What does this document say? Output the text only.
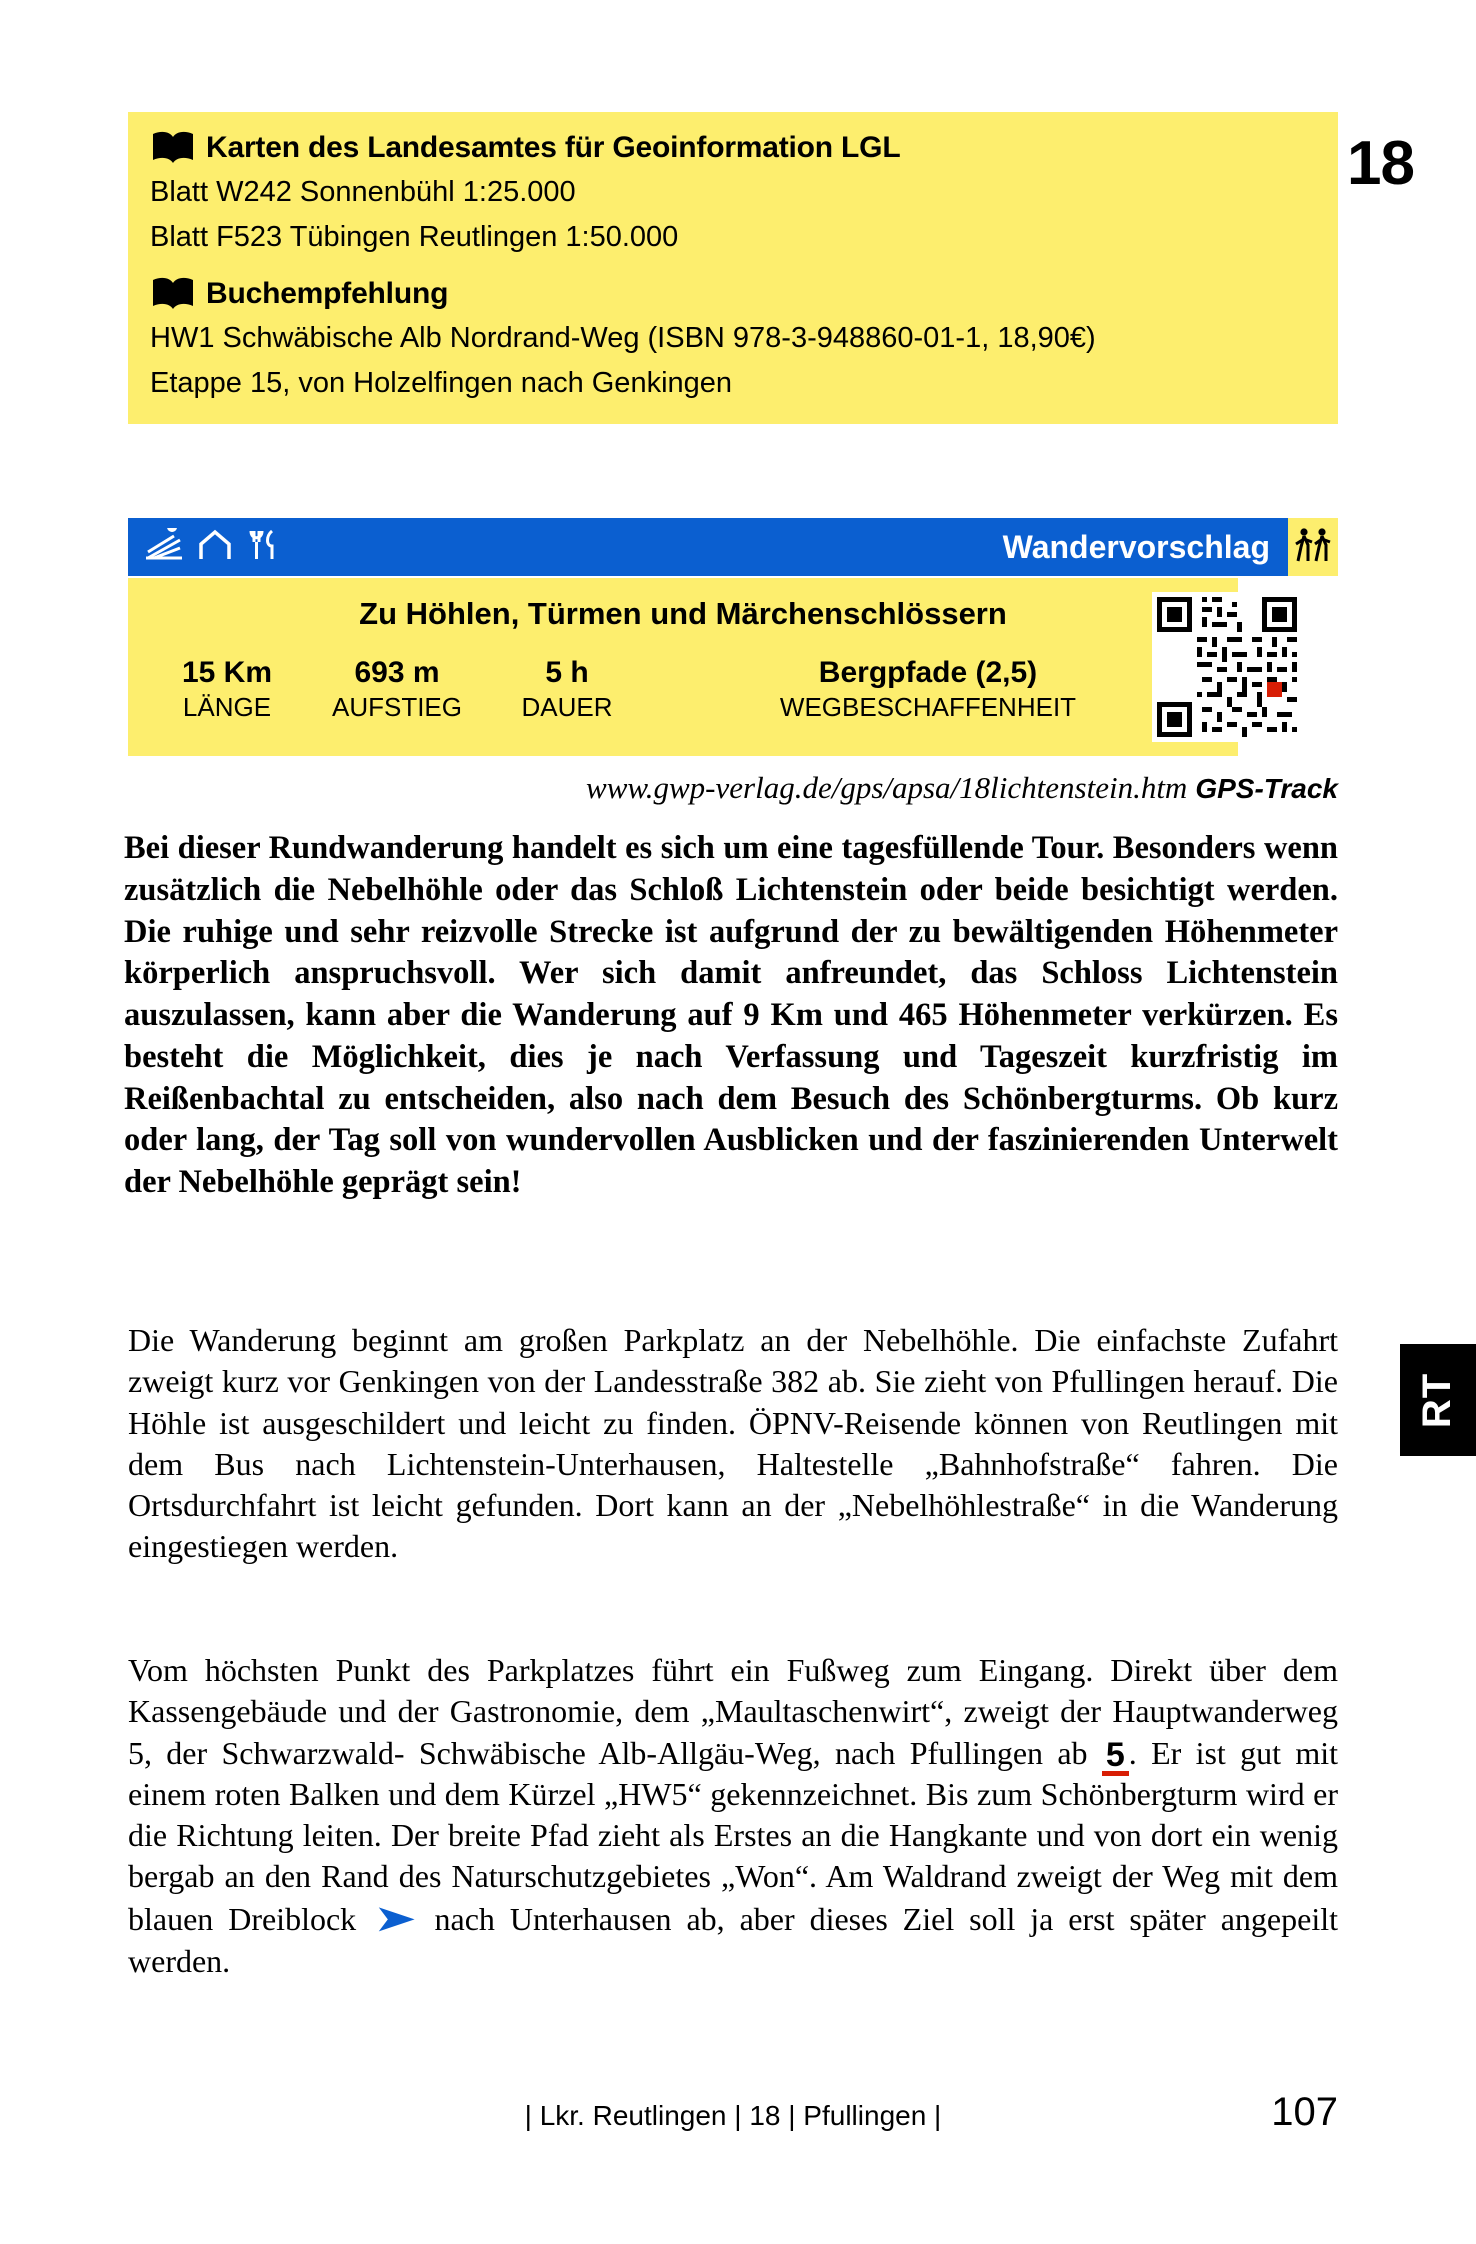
18
Karten des Landesamtes für Geoinformation LGL
Blatt W242 Sonnenbühl 1:25.000
Blatt F523 Tübingen Reutlingen 1:50.000
Buchempfehlung
HW1 Schwäbische Alb Nordrand-Weg (ISBN 978-3-948860-01-1, 18,90€)
Etappe 15, von Holzelfingen nach Genkingen
Wandervorschlag
Zu Höhlen, Türmen und Märchenschlössern
15 Km
LÄNGE
693 m
AUFSTIEG
5 h
DAUER
Bergpfade (2,5)
WEGBESCHAFFENHEIT
www.gwp-verlag.de/gps/apsa/18lichtenstein.htm GPS-Track
Bei dieser Rundwanderung handelt es sich um eine tagesfüllende Tour. Besonders wenn zusätzlich die Nebelhöhle oder das Schloß Lichtenstein oder beide besichtigt werden. Die ruhige und sehr reizvolle Strecke ist aufgrund der zu bewältigenden Höhenmeter körperlich anspruchsvoll. Wer sich damit anfreundet, das Schloss Lichtenstein auszulassen, kann aber die Wanderung auf 9 Km und 465 Höhenmeter verkürzen. Es besteht die Möglichkeit, dies je nach Verfassung und Tageszeit kurzfristig im Reißenbachtal zu entscheiden, also nach dem Besuch des Schönbergturms. Ob kurz oder lang, der Tag soll von wundervollen Ausblicken und der faszinierenden Unterwelt der Nebelhöhle geprägt sein!
Die Wanderung beginnt am großen Parkplatz an der Nebelhöhle. Die einfachste Zufahrt zweigt kurz vor Genkingen von der Landesstraße 382 ab. Sie zieht von Pfullingen herauf. Die Höhle ist ausgeschildert und leicht zu finden. ÖPNV-Reisende können von Reutlingen mit dem Bus nach Lichtenstein-Unterhausen, Haltestelle „Bahnhofstraße“ fahren. Die Ortsdurchfahrt ist leicht gefunden. Dort kann an der „Nebelhöhlestraße“ in die Wanderung eingestiegen werden.
Vom höchsten Punkt des Parkplatzes führt ein Fußweg zum Eingang. Direkt über dem Kassengebäude und der Gastronomie, dem „Maultaschenwirt“, zweigt der Hauptwanderweg 5, der Schwarzwald- Schwäbische Alb-Allgäu-Weg, nach Pfullingen ab 5 . Er ist gut mit einem roten Balken und dem Kürzel „HW5“ gekennzeichnet. Bis zum Schönbergturm wird er die Richtung leiten. Der breite Pfad zieht als Erstes an die Hangkante und von dort ein wenig bergab an den Rand des Naturschutzgebietes „Won“. Am Waldrand zweigt der Weg mit dem blauen Dreiblock ➤ nach Unterhausen ab, aber dieses Ziel soll ja erst später angepeilt werden.
RT
| Lkr. Reutlingen | 18 | Pfullingen |	107
